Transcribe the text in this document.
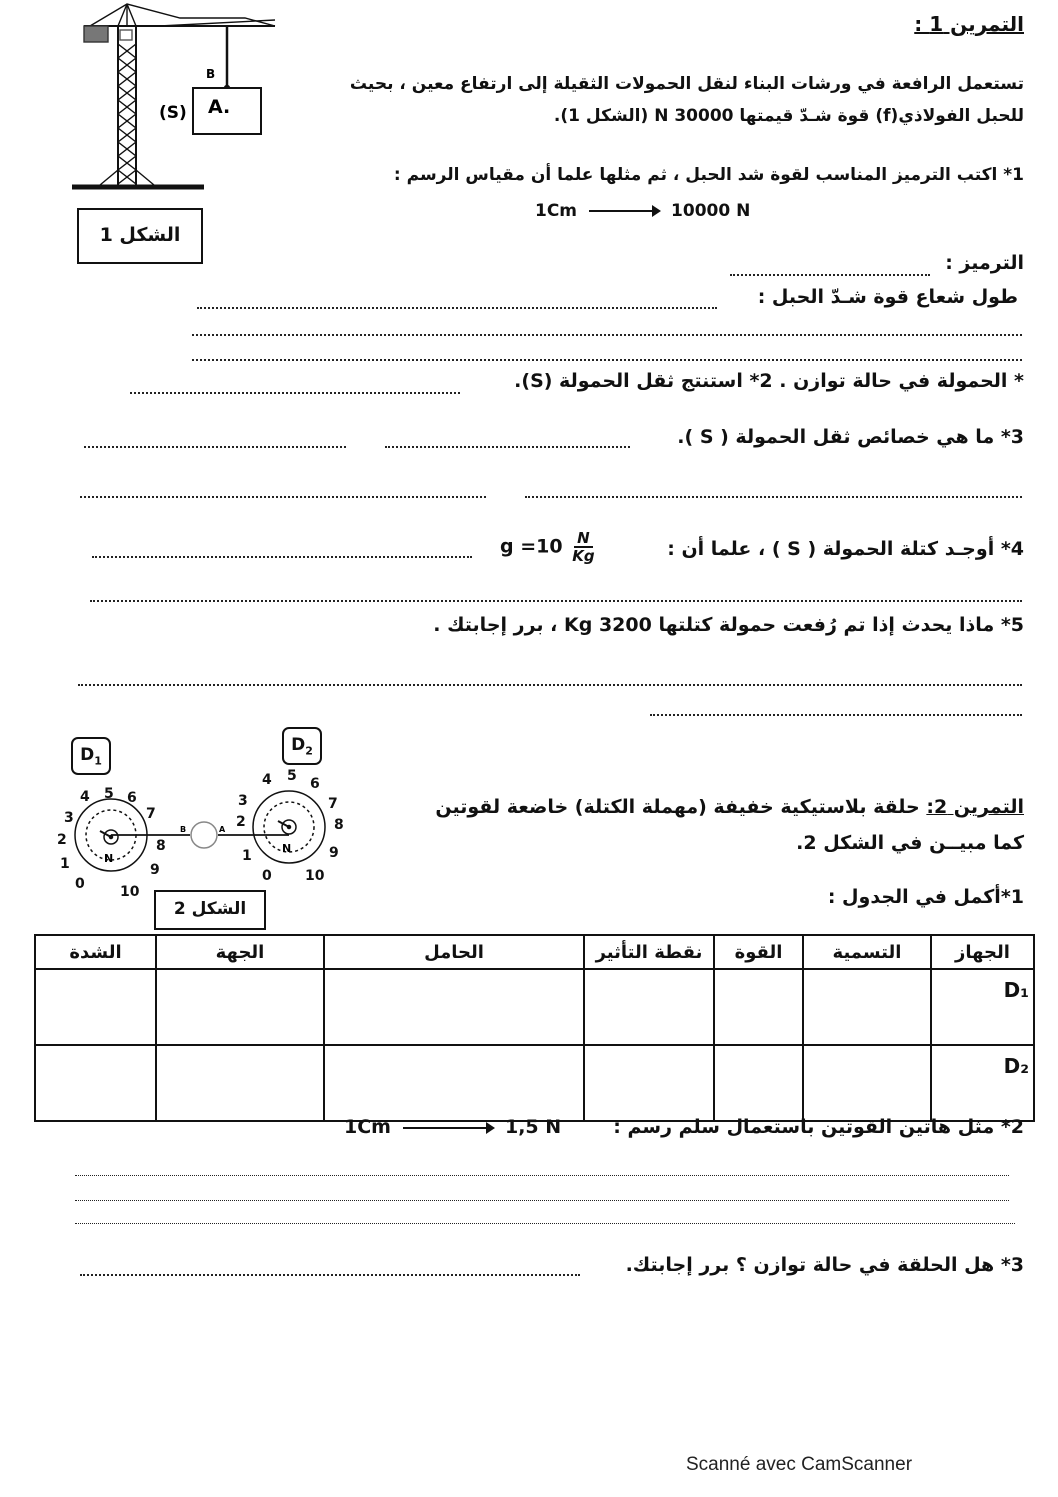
التمرين 1 :
تستعمل الرافعة في ورشات البناء لنقل الحمولات الثقيلة إلى ارتفاع معين ، بحيث
للحبل الفولاذي(f) قوة شـدّ قيمتها 30000 N (الشكل 1).
B
A.
(S)
الشكل 1
1* اكتب الترميز المناسب لقوة شد الحبل ، ثم مثلها علما أن مقياس الرسم :
1Cm	10000 N
الترميز :
طول شعاع قوة شـدّ الحبل :
* الحمولة في حالة توازن . 2* استنتج ثقل الحمولة (S).
3* ما هي خصائص ثقل الحمولة ( S ).
4* أوجـد كتلة الحمولة ( S ) ، علما أن :
$g =10 \frac{N}{Kg}$
5* ماذا يحدث إذا تم رُفعت حمولة كتلتها 3200 Kg ، برر إجابتك .
$D_1$
$D_2$
B	A
N
N
0
1
2
3
4 5 6
7
8
9
10
0
1
2
3
4 5 6
7
8
9
10
الشكل 2
التمرين 2: حلقة بلاستيكية خفيفة (مهملة الكتلة) خاضعة لقوتين
كما مبيــن في الشكل 2.
1*أكمل في الجدول :
الجهاز	التسمية	القوة	نقطة التأثير	الحامل	الجهة	الشدة
D₁						
D₂						
2* مثل هاتين القوتين باستعمال سلم رسم :
1Cm	1,5 N
3* هل الحلقة في حالة توازن ؟ برر إجابتك.
Scanné avec CamScanner
